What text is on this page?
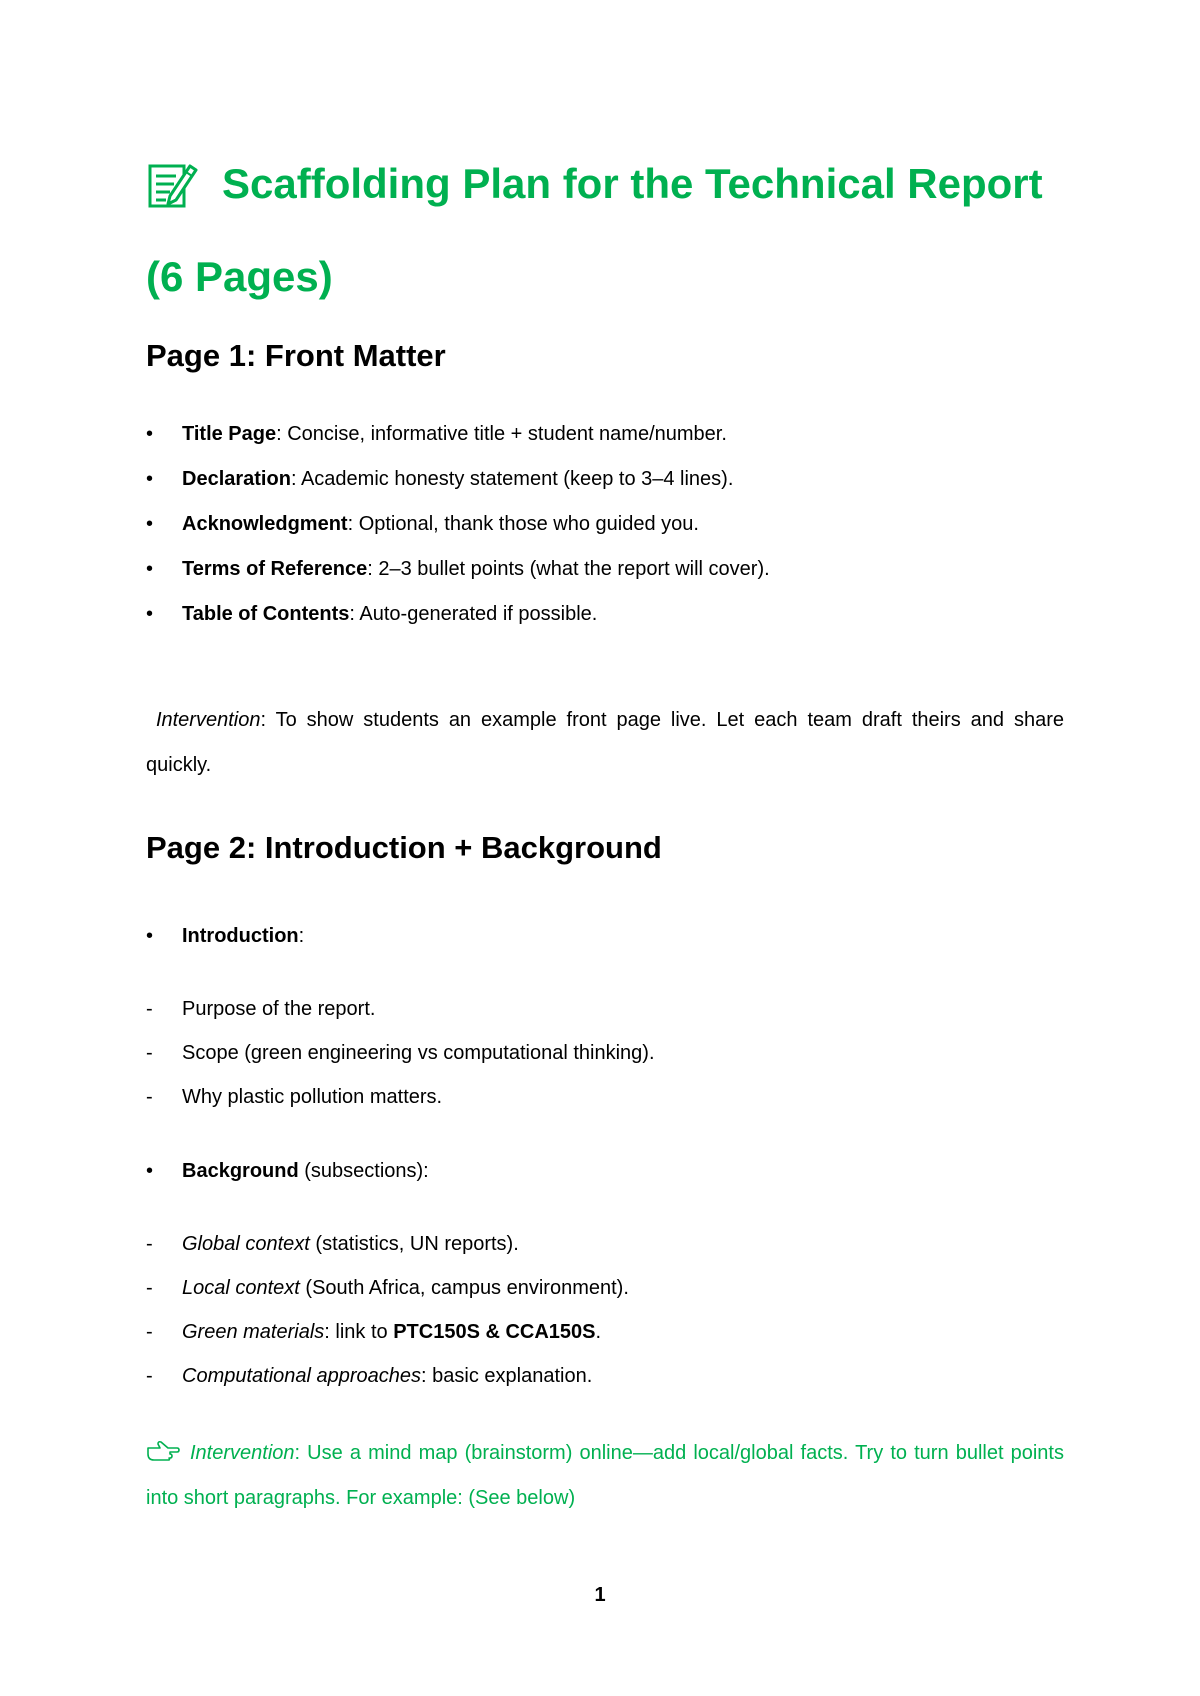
Scaffolding Plan for the Technical Report
(6 Pages)
Page 1: Front Matter
• Title Page: Concise, informative title + student name/number.
• Declaration: Academic honesty statement (keep to 3–4 lines).
• Acknowledgment: Optional, thank those who guided you.
• Terms of Reference: 2–3 bullet points (what the report will cover).
• Table of Contents: Auto-generated if possible.

Intervention: To show students an example front page live. Let each team draft theirs and share quickly.

Page 2: Introduction + Background
• Introduction:
- Purpose of the report.
- Scope (green engineering vs computational thinking).
- Why plastic pollution matters.
• Background (subsections):
- Global context (statistics, UN reports).
- Local context (South Africa, campus environment).
- Green materials: link to PTC150S & CCA150S.
- Computational approaches: basic explanation.

Intervention: Use a mind map (brainstorm) online—add local/global facts. Try to turn bullet points into short paragraphs. For example: (See below)

1
